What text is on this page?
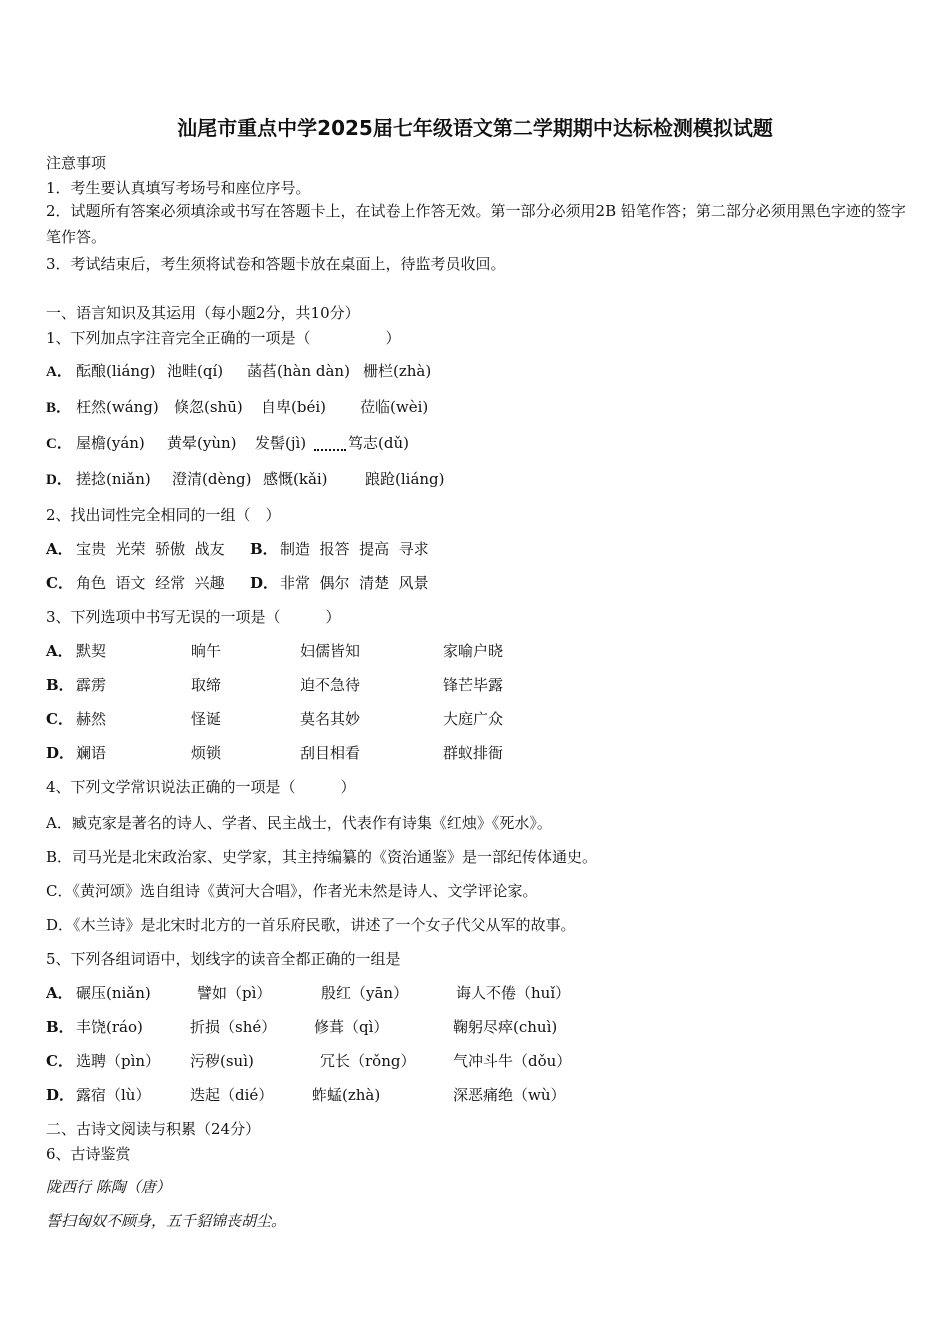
汕尾市重点中学2025届七年级语文第二学期期中达标检测模拟试题
注意事项
1．考生要认真填写考场号和座位序号。
2．试题所有答案必须填涂或书写在答题卡上，在试卷上作答无效。第一部分必须用2B 铅笔作答；第二部分必须用黑色字迹的签字笔作答。
3．考试结束后，考生须将试卷和答题卡放在桌面上，待监考员收回。
一、语言知识及其运用（每小题2分，共10分）
1、下列加点字注音完全正确的一项是（　　　　　）
A． 酝酿(liáng) 池畦(qí) 菡萏(hàn dàn) 栅栏(zhà)
B． 枉然(wáng) 倏忽(shū) 自卑(béi) 莅临(wèi)
C． 屋檐(yán) 黄晕(yùn) 发髻(jì)	笃志(dǔ)
D． 搓捻(niǎn) 澄清(dèng) 感慨(kǎi) 踉跄(liáng)
2、找出词性完全相同的一组（　）
A． 宝贵  光荣  骄傲  战友 B． 制造  报答  提高  寻求
C． 角色  语文  经常  兴趣 D． 非常  偶尔  清楚  风景
3、下列选项中书写无误的一项是（　　　）
A． 默契	晌午	妇儒皆知	家喻户晓
B． 霹雳	取缔	迫不急待	锋芒毕露
C． 赫然	怪诞	莫名其妙	大庭广众
D． 斓语	烦锁	刮目相看	群蚁排衙
4、下列文学常识说法正确的一项是（　　　）
A．臧克家是著名的诗人、学者、民主战士，代表作有诗集《红烛》《死水》。
B．司马光是北宋政治家、史学家，其主持编纂的《资治通鉴》是一部纪传体通史。
C．《黄河颂》选自组诗《黄河大合唱》，作者光未然是诗人、文学评论家。
D．《木兰诗》是北宋时北方的一首乐府民歌，讲述了一个女子代父从军的故事。
5、下列各组词语中，划线字的读音全都正确的一组是
A． 碾压(niǎn)	譬如（pì）	殷红（yān）	诲人不倦（huǐ）
B． 丰饶(ráo)	折损（shé）	修葺（qì）	鞠躬尽瘁(chuì)
C． 选聘（pìn） 污秽(suì)	冗长（rǒng）	气冲斗牛（dǒu）
D． 露宿（lù）	迭起（dié）	蚱蜢(zhà)	深恶痛绝（wù）
二、古诗文阅读与积累（24分）
6、古诗鉴赏
陇西行 陈陶（唐）
誓扫匈奴不顾身，五千貂锦丧胡尘。
